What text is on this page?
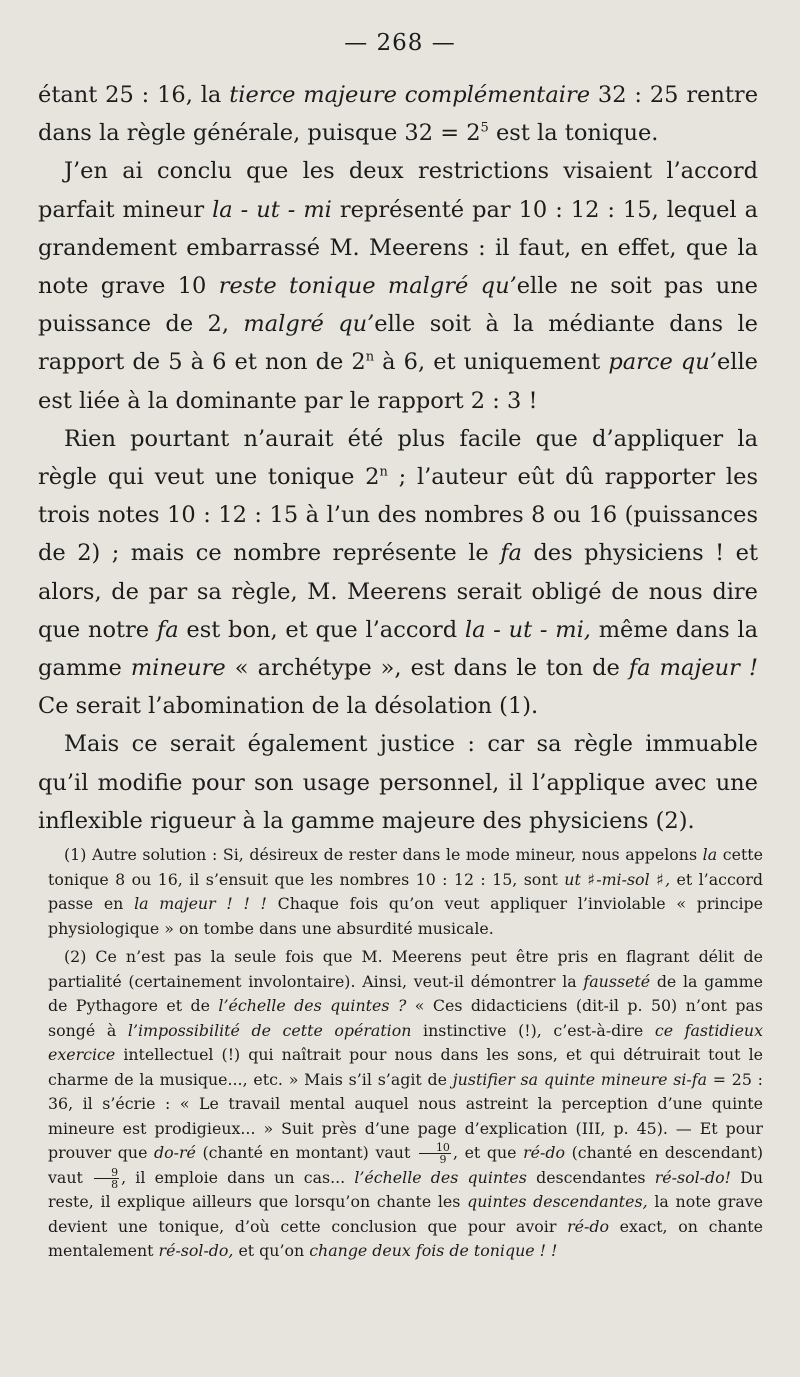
— 268 —

étant 25 : 16, la tierce majeure complémentaire 32 : 25 rentre dans la règle générale, puisque $32 = 2^5$ est la tonique.

J’en ai conclu que les deux restrictions visaient l’accord parfait mineur la - ut - mi représenté par 10 : 12 : 15, lequel a grandement embarrassé M. Meerens : il faut, en effet, que la note grave 10 reste tonique malgré qu’elle ne soit pas une puissance de 2, malgré qu’elle soit à la médiante dans le rapport de 5 à 6 et non de 2$^n$ à 6, et uniquement parce qu’elle est liée à la dominante par le rapport 2 : 3 !

Rien pourtant n’aurait été plus facile que d’appliquer la règle qui veut une tonique 2$^n$ ; l’auteur eût dû rapporter les trois notes 10 : 12 : 15 à l’un des nombres 8 ou 16 (puissances de 2) ; mais ce nombre représente le fa des physiciens ! et alors, de par sa règle, M. Meerens serait obligé de nous dire que notre fa est bon, et que l’accord la - ut - mi, même dans la gamme mineure « archétype », est dans le ton de fa majeur ! Ce serait l’abomination de la désolation (1).

Mais ce serait également justice : car sa règle immuable qu’il modifie pour son usage personnel, il l’applique avec une inflexible rigueur à la gamme majeure des physiciens (2).

(1) Autre solution : Si, désireux de rester dans le mode mineur, nous appelons la cette tonique 8 ou 16, il s’ensuit que les nombres 10 : 12 : 15, sont ut ♯-mi-sol ♯, et l’accord passe en la majeur ! ! ! Chaque fois qu’on veut appliquer l’inviolable « principe physiologique » on tombe dans une absurdité musicale.

(2) Ce n’est pas la seule fois que M. Meerens peut être pris en flagrant délit de partialité (certainement involontaire). Ainsi, veut-il démontrer la fausseté de la gamme de Pythagore et de l’échelle des quintes ? « Ces didacticiens (dit-il p. 50) n’ont pas songé à l’impossibilité de cette opération instinctive (!), c’est-à-dire ce fastidieux exercice intellectuel (!) qui naîtrait pour nous dans les sons, et qui détruirait tout le charme de la musique..., etc. » Mais s’il s’agit de justifier sa quinte mineure si-fa = 25 : 36, il s’écrie : « Le travail mental auquel nous astreint la perception d’une quinte mineure est prodigieux... » Suit près d’une page d’explication (III, p. 45). — Et pour prouver que do-ré (chanté en montant) vaut $\frac{10}{9}$ , et que ré-do (chanté en descendant) vaut $\frac{9}{8}$ , il emploie dans un cas... l’échelle des quintes descendantes ré-sol-do! Du reste, il explique ailleurs que lorsqu’on chante les quintes descendantes, la note grave devient une tonique, d’où cette conclusion que pour avoir ré-do exact, on chante mentalement ré-sol-do, et qu’on change deux fois de tonique ! !
